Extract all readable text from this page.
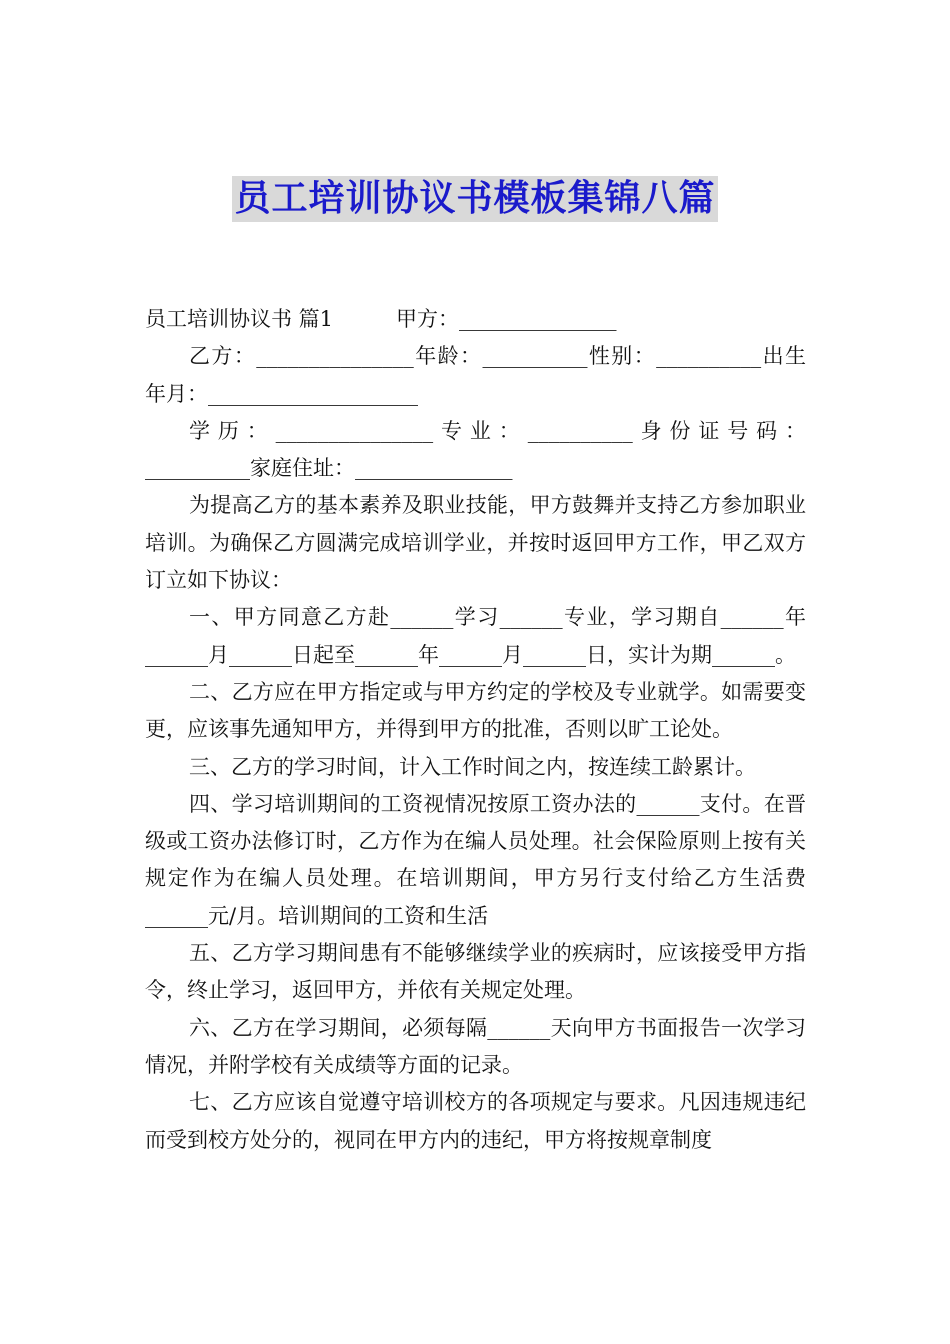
员工培训协议书模板集锦八篇

员工培训协议书 篇1　　　甲方：_______________

乙方：_______________年龄：__________性别：__________出生年月：____________________

学历：_______________专业：__________身份证号码：__________家庭住址：_______________

为提高乙方的基本素养及职业技能，甲方鼓舞并支持乙方参加职业培训。为确保乙方圆满完成培训学业，并按时返回甲方工作，甲乙双方订立如下协议：

一、甲方同意乙方赴______学习______专业，学习期自______年______月______日起至______年______月______日，实计为期______。

二、乙方应在甲方指定或与甲方约定的学校及专业就学。如需要变更，应该事先通知甲方，并得到甲方的批准，否则以旷工论处。

三、乙方的学习时间，计入工作时间之内，按连续工龄累计。

四、学习培训期间的工资视情况按原工资办法的______支付。在晋级或工资办法修订时，乙方作为在编人员处理。社会保险原则上按有关规定作为在编人员处理。在培训期间，甲方另行支付给乙方生活费______元/月。培训期间的工资和生活

五、乙方学习期间患有不能够继续学业的疾病时，应该接受甲方指令，终止学习，返回甲方，并依有关规定处理。

六、乙方在学习期间，必须每隔______天向甲方书面报告一次学习情况，并附学校有关成绩等方面的记录。

七、乙方应该自觉遵守培训校方的各项规定与要求。凡因违规违纪而受到校方处分的，视同在甲方内的违纪，甲方将按规章制度
